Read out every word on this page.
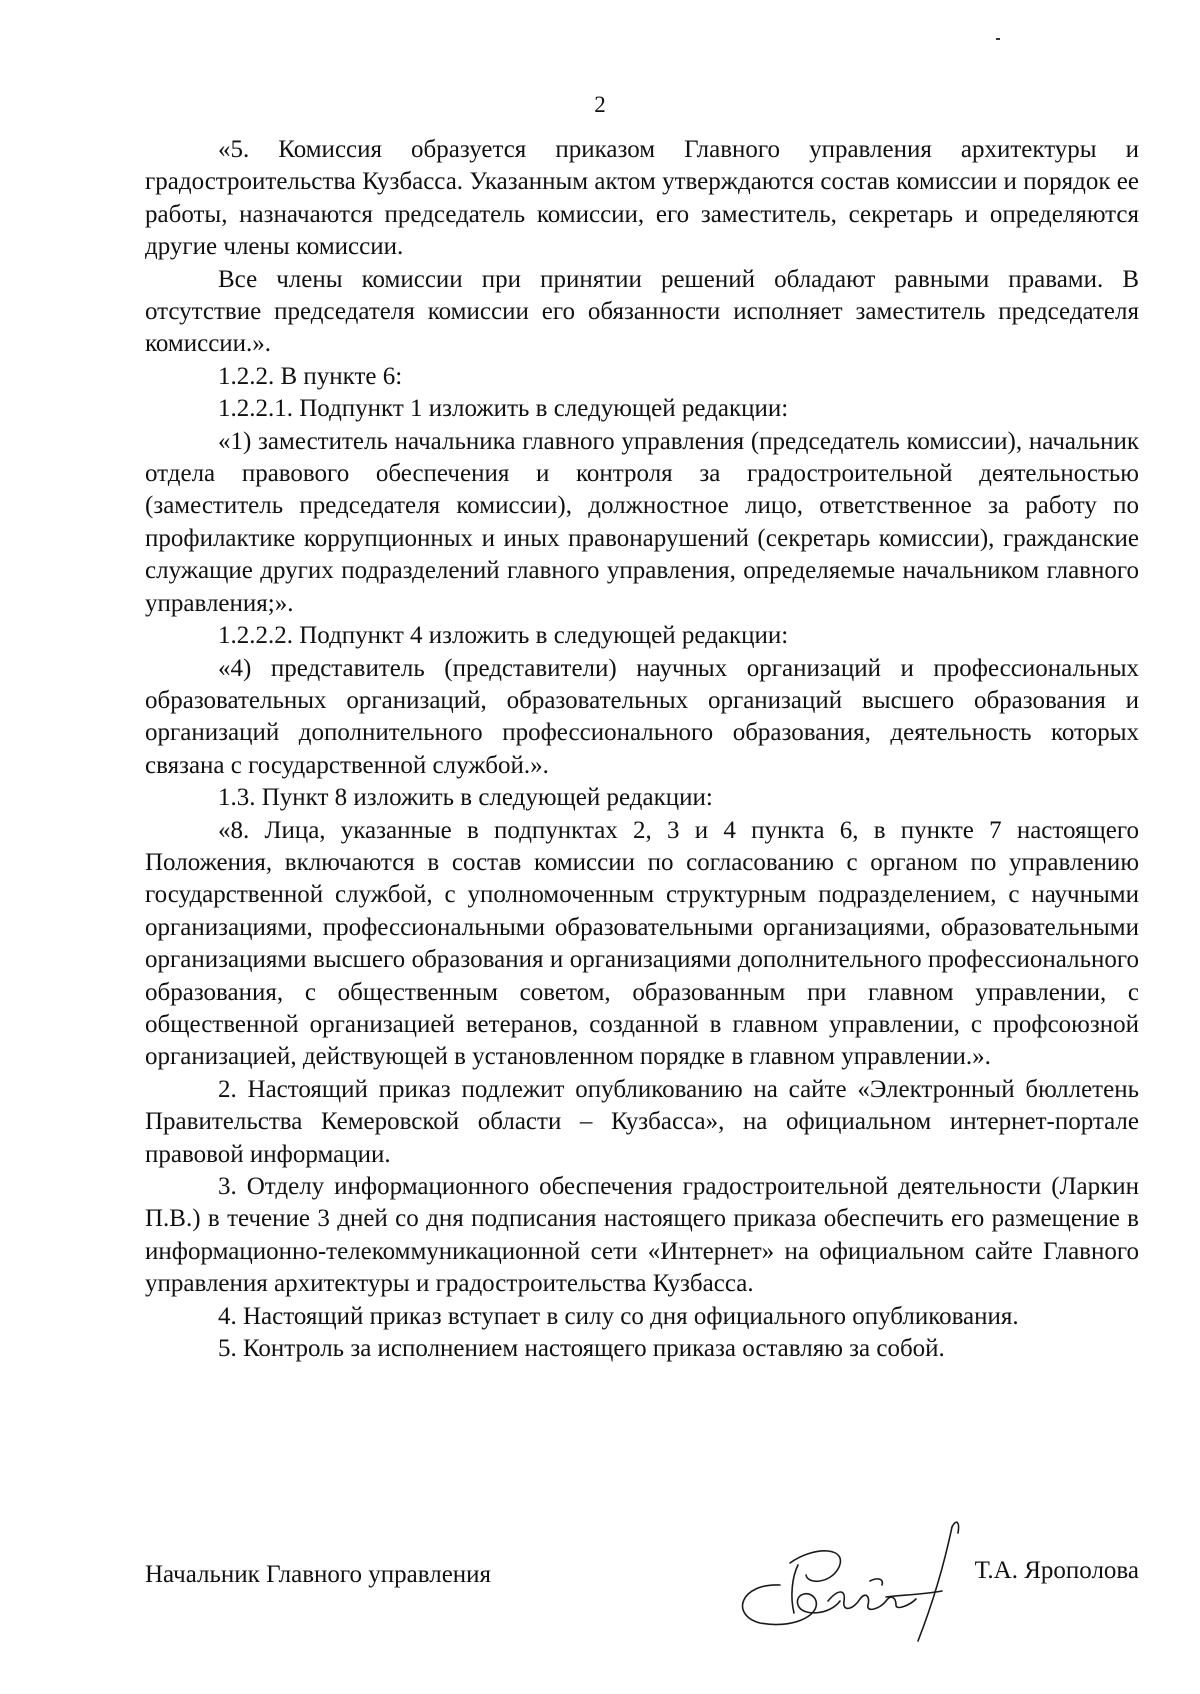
2

«5. Комиссия образуется приказом Главного управления архитектуры и градостроительства Кузбасса. Указанным актом утверждаются состав комиссии и порядок ее работы, назначаются председатель комиссии, его заместитель, секретарь и определяются другие члены комиссии.

Все члены комиссии при принятии решений обладают равными правами. В отсутствие председателя комиссии его обязанности исполняет заместитель председателя комиссии.».

1.2.2. В пункте 6:

1.2.2.1. Подпункт 1 изложить в следующей редакции:

«1) заместитель начальника главного управления (председатель комиссии), начальник отдела правового обеспечения и контроля за градостроительной деятельностью (заместитель председателя комиссии), должностное лицо, ответственное за работу по профилактике коррупционных и иных правонарушений (секретарь комиссии), гражданские служащие других подразделений главного управления, определяемые начальником главного управления;».

1.2.2.2. Подпункт 4 изложить в следующей редакции:

«4) представитель (представители) научных организаций и профессиональных образовательных организаций, образовательных организаций высшего образования и организаций дополнительного профессионального образования, деятельность которых связана с государственной службой.».

1.3. Пункт 8 изложить в следующей редакции:

«8. Лица, указанные в подпунктах 2, 3 и 4 пункта 6, в пункте 7 настоящего Положения, включаются в состав комиссии по согласованию с органом по управлению государственной службой, с уполномоченным структурным подразделением, с научными организациями, профессиональными образовательными организациями, образовательными организациями высшего образования и организациями дополнительного профессионального образования, с общественным советом, образованным при главном управлении, с общественной организацией ветеранов, созданной в главном управлении, с профсоюзной организацией, действующей в установленном порядке в главном управлении.».

2. Настоящий приказ подлежит опубликованию на сайте «Электронный бюллетень Правительства Кемеровской области – Кузбасса», на официальном интернет-портале правовой информации.

3. Отделу информационного обеспечения градостроительной деятельности (Ларкин П.В.) в течение 3 дней со дня подписания настоящего приказа обеспечить его размещение в информационно-телекоммуникационной сети «Интернет» на официальном сайте Главного управления архитектуры и градостроительства Кузбасса.

4. Настоящий приказ вступает в силу со дня официального опубликования.

5. Контроль за исполнением настоящего приказа оставляю за собой.

Начальник Главного управления	Т.А. Ярополова
